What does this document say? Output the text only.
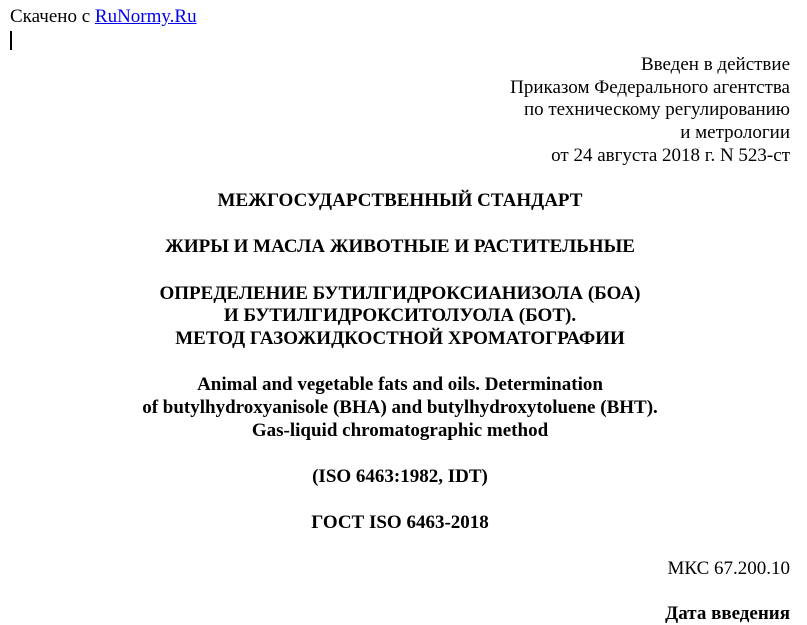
Скачено с RuNormy.Ru
Введен в действие
Приказом Федерального агентства
по техническому регулированию
и метрологии
от 24 августа 2018 г. N 523-ст
МЕЖГОСУДАРСТВЕННЫЙ СТАНДАРТ
ЖИРЫ И МАСЛА ЖИВОТНЫЕ И РАСТИТЕЛЬНЫЕ
ОПРЕДЕЛЕНИЕ БУТИЛГИДРОКСИАНИЗОЛА (БОА)
И БУТИЛГИДРОКСИТОЛУОЛА (БОТ).
МЕТОД ГАЗОЖИДКОСТНОЙ ХРОМАТОГРАФИИ
Animal and vegetable fats and oils. Determination
of butylhydroxyanisole (BHA) and butylhydroxytoluene (BHT).
Gas-liquid chromatographic method
(ISO 6463:1982, IDT)
ГОСТ ISO 6463-2018
МКС 67.200.10
Дата введения
